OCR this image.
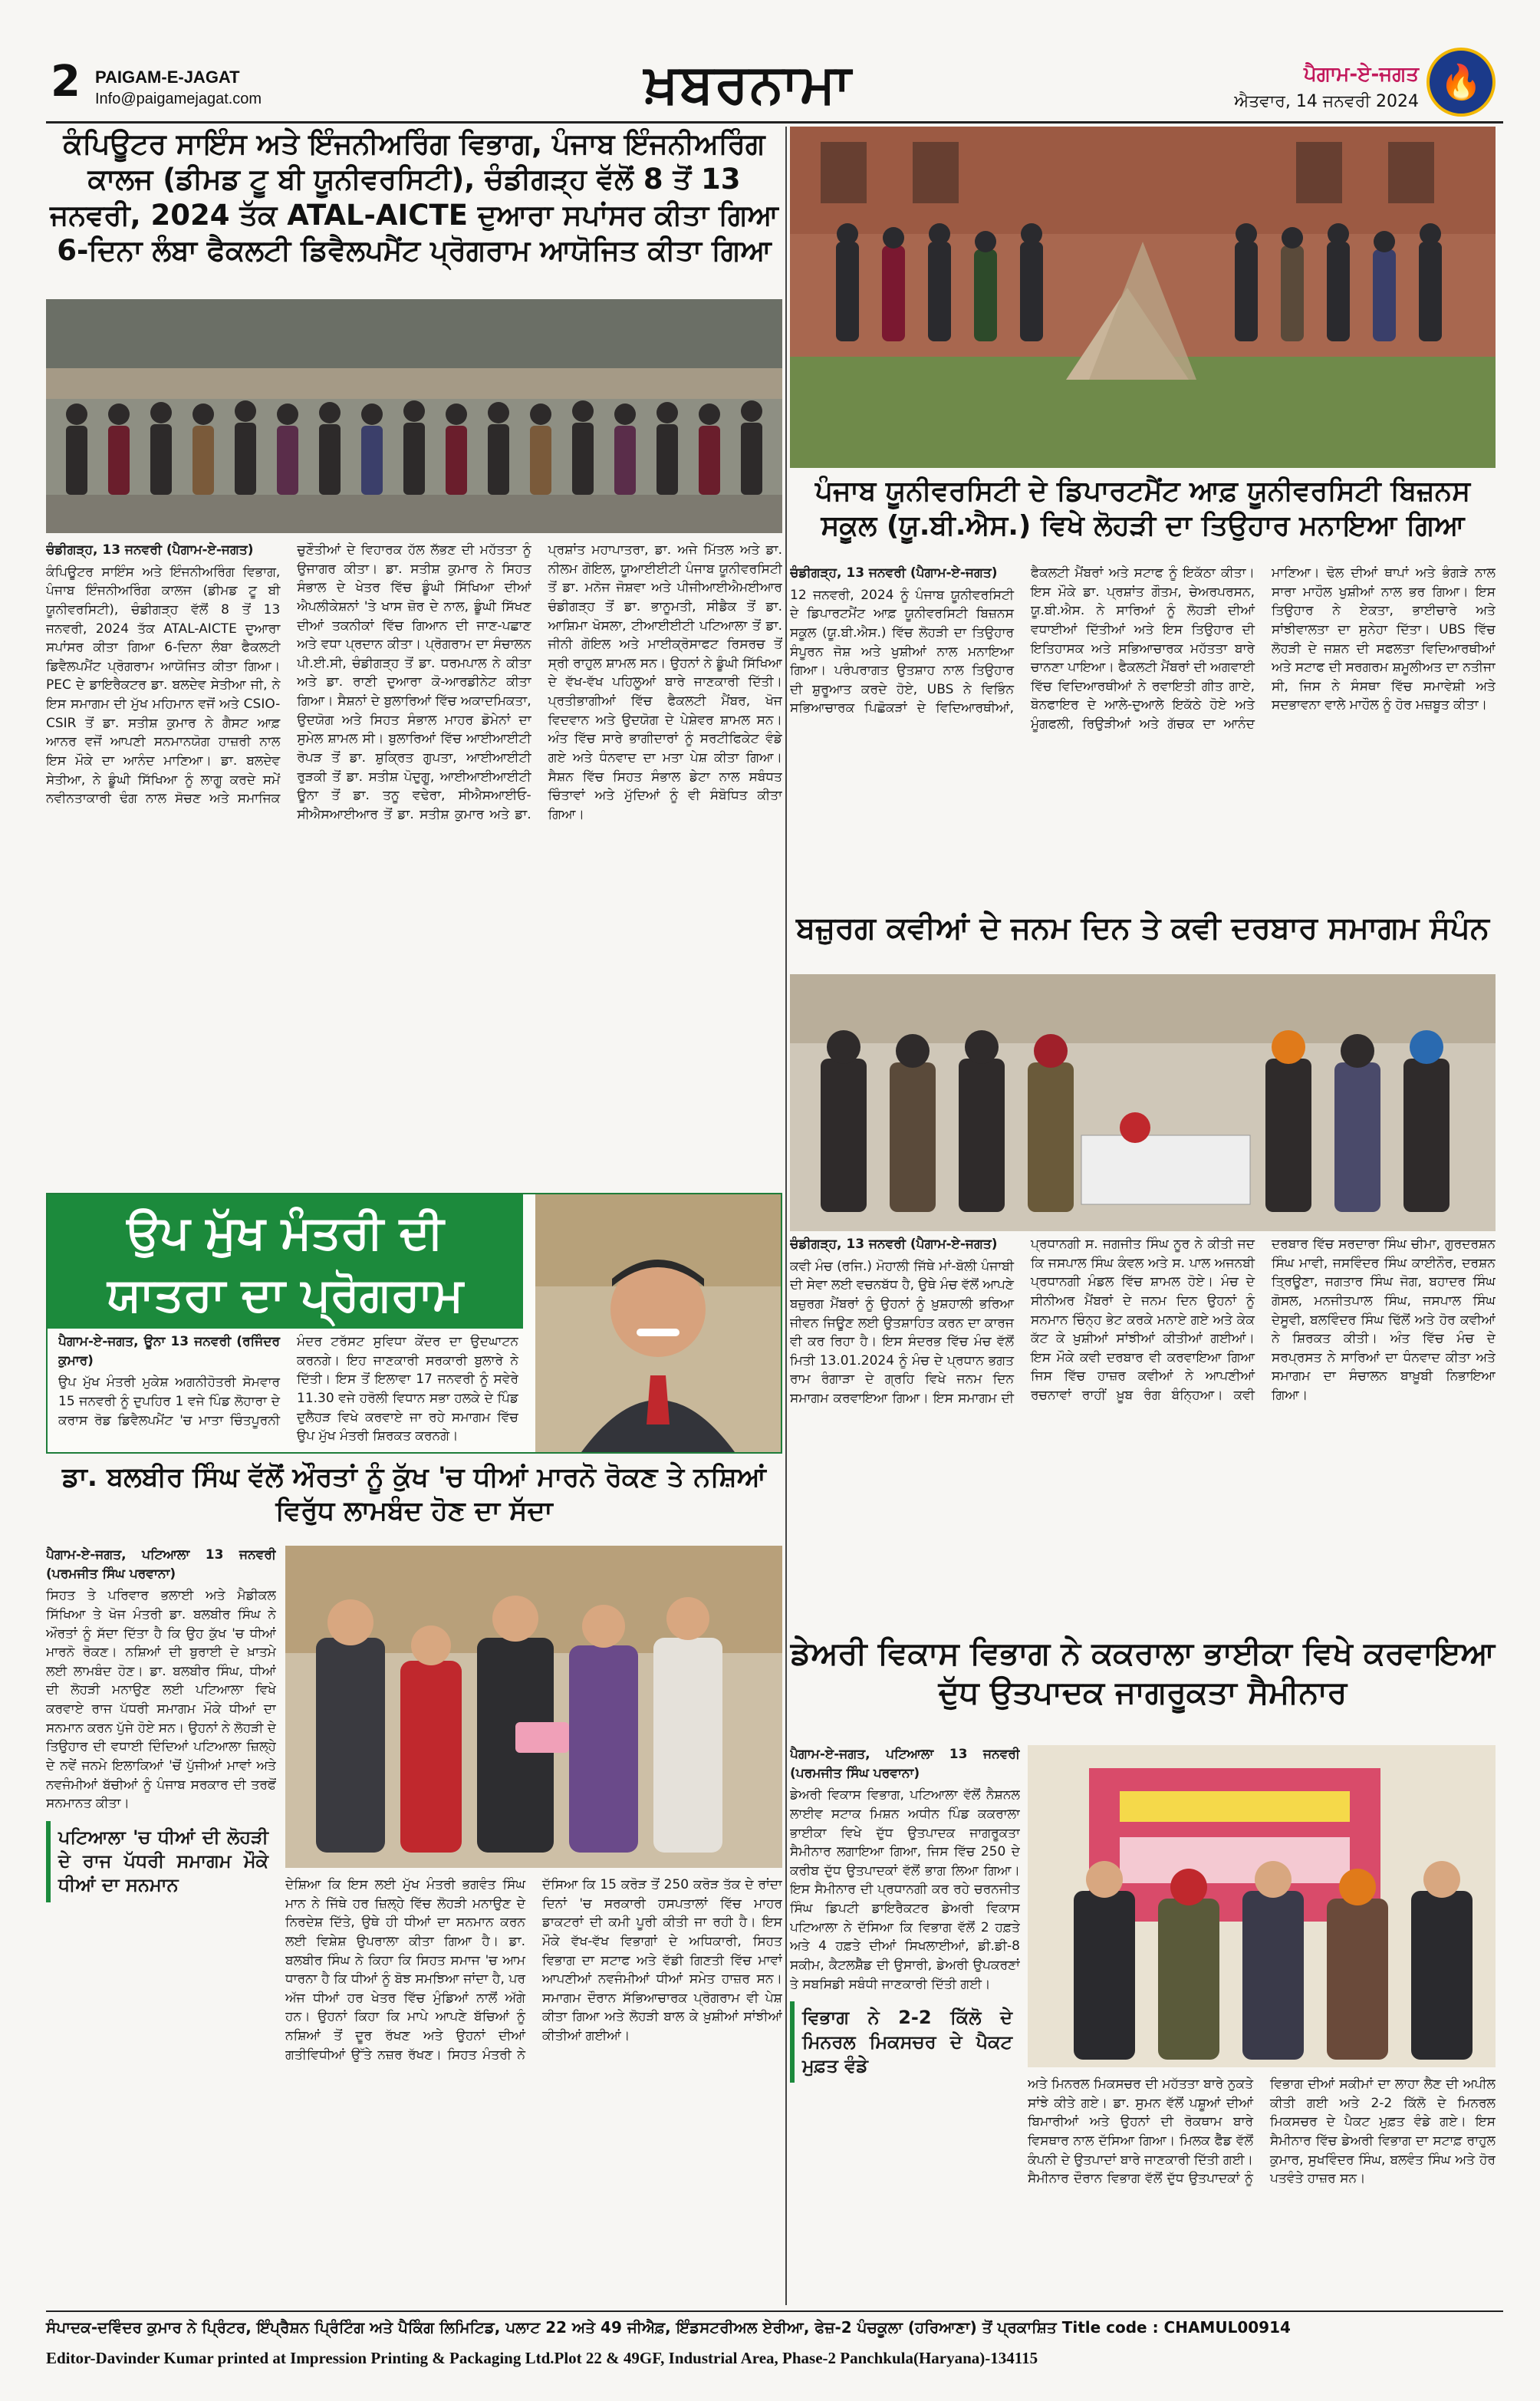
2 PAIGAM-E-JAGAT
Info@paigamejagat.com	ਖ਼ਬਰਨਾਮਾ	ਪੈਗਾਮ-ਏ-ਜਗਤ
ਐਤਵਾਰ, 14 ਜਨਵਰੀ 2024 🔥
ਕੰਪਿਊਟਰ ਸਾਇੰਸ ਅਤੇ ਇੰਜਨੀਅਰਿੰਗ ਵਿਭਾਗ, ਪੰਜਾਬ ਇੰਜਨੀਅਰਿੰਗ ਕਾਲਜ (ਡੀਮਡ ਟੂ ਬੀ ਯੂਨੀਵਰਸਿਟੀ), ਚੰਡੀਗੜ੍ਹ ਵੱਲੋਂ 8 ਤੋਂ 13 ਜਨਵਰੀ, 2024 ਤੱਕ ATAL-AICTE ਦੁਆਰਾ ਸਪਾਂਸਰ ਕੀਤਾ ਗਿਆ 6-ਦਿਨਾ ਲੰਬਾ ਫੈਕਲਟੀ ਡਿਵੈਲਪਮੈਂਟ ਪ੍ਰੋਗਰਾਮ ਆਯੋਜਿਤ ਕੀਤਾ ਗਿਆ
ਚੰਡੀਗੜ੍ਹ, 13 ਜਨਵਰੀ (ਪੈਗਾਮ-ਏ-ਜਗਤ)
ਕੰਪਿਊਟਰ ਸਾਇੰਸ ਅਤੇ ਇੰਜਨੀਅਰਿੰਗ ਵਿਭਾਗ, ਪੰਜਾਬ ਇੰਜਨੀਅਰਿੰਗ ਕਾਲਜ (ਡੀਮਡ ਟੂ ਬੀ ਯੂਨੀਵਰਸਿਟੀ), ਚੰਡੀਗੜ੍ਹ ਵੱਲੋਂ 8 ਤੋਂ 13 ਜਨਵਰੀ, 2024 ਤੱਕ ATAL-AICTE ਦੁਆਰਾ ਸਪਾਂਸਰ ਕੀਤਾ ਗਿਆ 6-ਦਿਨਾ ਲੰਬਾ ਫੈਕਲਟੀ ਡਿਵੈਲਪਮੈਂਟ ਪ੍ਰੋਗਰਾਮ ਆਯੋਜਿਤ ਕੀਤਾ ਗਿਆ। PEC ਦੇ ਡਾਇਰੈਕਟਰ ਡਾ. ਬਲਦੇਵ ਸੇਤੀਆ ਜੀ, ਨੇ ਇਸ ਸਮਾਗਮ ਦੀ ਮੁੱਖ ਮਹਿਮਾਨ ਵਜੋਂ ਅਤੇ CSIO-CSIR ਤੋਂ ਡਾ. ਸਤੀਸ਼ ਕੁਮਾਰ ਨੇ ਗੈਸਟ ਆਫ਼ ਆਨਰ ਵਜੋਂ ਆਪਣੀ ਸਨਮਾਨਯੋਗ ਹਾਜ਼ਰੀ ਨਾਲ ਇਸ ਮੌਕੇ ਦਾ ਆਨੰਦ ਮਾਣਿਆ। ਡਾ. ਬਲਦੇਵ ਸੇਤੀਆ, ਨੇ ਡੂੰਘੀ ਸਿੱਖਿਆ ਨੂੰ ਲਾਗੂ ਕਰਦੇ ਸਮੇਂ ਨਵੀਨਤਾਕਾਰੀ ਢੰਗ ਨਾਲ ਸੋਚਣ ਅਤੇ ਸਮਾਜਿਕ ਚੁਣੌਤੀਆਂ ਦੇ ਵਿਹਾਰਕ ਹੱਲ ਲੱਭਣ ਦੀ ਮਹੱਤਤਾ ਨੂੰ ਉਜਾਗਰ ਕੀਤਾ। ਡਾ. ਸਤੀਸ਼ ਕੁਮਾਰ ਨੇ ਸਿਹਤ ਸੰਭਾਲ ਦੇ ਖੇਤਰ ਵਿੱਚ ਡੂੰਘੀ ਸਿੱਖਿਆ ਦੀਆਂ ਐਪਲੀਕੇਸ਼ਨਾਂ 'ਤੇ ਖਾਸ ਜ਼ੋਰ ਦੇ ਨਾਲ, ਡੂੰਘੀ ਸਿੱਖਣ ਦੀਆਂ ਤਕਨੀਕਾਂ ਵਿੱਚ ਗਿਆਨ ਦੀ ਜਾਣ-ਪਛਾਣ ਅਤੇ ਵਧਾ ਪ੍ਰਦਾਨ ਕੀਤਾ। ਪ੍ਰੋਗਰਾਮ ਦਾ ਸੰਚਾਲਨ ਪੀ.ਈ.ਸੀ, ਚੰਡੀਗੜ੍ਹ ਤੋਂ ਡਾ. ਧਰਮਪਾਲ ਨੇ ਕੀਤਾ ਅਤੇ ਡਾ. ਰਾਣੀ ਦੁਆਰਾ ਕੋ-ਆਰਡੀਨੇਟ ਕੀਤਾ ਗਿਆ। ਸੈਸ਼ਨਾਂ ਦੇ ਬੁਲਾਰਿਆਂ ਵਿੱਚ ਅਕਾਦਮਿਕਤਾ, ਉਦਯੋਗ ਅਤੇ ਸਿਹਤ ਸੰਭਾਲ ਮਾਹਰ ਡੋਮੇਨਾਂ ਦਾ ਸੁਮੇਲ ਸ਼ਾਮਲ ਸੀ। ਬੁਲਾਰਿਆਂ ਵਿੱਚ ਆਈਆਈਟੀ ਰੋਪੜ ਤੋਂ ਡਾ. ਸ਼ੁਕ੍ਰਿਤ ਗੁਪਤਾ, ਆਈਆਈਟੀ ਰੁੜਕੀ ਤੋਂ ਡਾ. ਸਤੀਸ਼ ਪੋਦੁਗੂ, ਆਈਆਈਆਈਟੀ ਊਨਾ ਤੋਂ ਡਾ. ਤਨੂ ਵਢੇਰਾ, ਸੀਐਸਆਈਓ-ਸੀਐਸਆਈਆਰ ਤੋਂ ਡਾ. ਸਤੀਸ਼ ਕੁਮਾਰ ਅਤੇ ਡਾ. ਪ੍ਰਸ਼ਾਂਤ ਮਹਾਪਾਤਰਾ, ਡਾ. ਅਜੇ ਮਿੱਤਲ ਅਤੇ ਡਾ. ਨੀਲਮ ਗੋਇਲ, ਯੂਆਈਈਟੀ ਪੰਜਾਬ ਯੂਨੀਵਰਸਿਟੀ ਤੋਂ ਡਾ. ਮਨੋਜ ਜੋਸ਼ਵਾ ਅਤੇ ਪੀਜੀਆਈਐਮਈਆਰ ਚੰਡੀਗੜ੍ਹ ਤੋਂ ਡਾ. ਭਾਨੂਮਤੀ, ਸੀਡੈਕ ਤੋਂ ਡਾ. ਆਸ਼ਿਮਾ ਖੋਸਲਾ, ਟੀਆਈਈਟੀ ਪਟਿਆਲਾ ਤੋਂ ਡਾ. ਜੀਨੀ ਗੋਇਲ ਅਤੇ ਮਾਈਕ੍ਰੋਸਾਫਟ ਰਿਸਰਚ ਤੋਂ ਸ੍ਰੀ ਰਾਹੁਲ ਸ਼ਾਮਲ ਸਨ। ਉਹਨਾਂ ਨੇ ਡੂੰਘੀ ਸਿੱਖਿਆ ਦੇ ਵੱਖ-ਵੱਖ ਪਹਿਲੂਆਂ ਬਾਰੇ ਜਾਣਕਾਰੀ ਦਿੱਤੀ। ਪ੍ਰਤੀਭਾਗੀਆਂ ਵਿੱਚ ਫੈਕਲਟੀ ਮੈਂਬਰ, ਖੋਜ ਵਿਦਵਾਨ ਅਤੇ ਉਦਯੋਗ ਦੇ ਪੇਸ਼ੇਵਰ ਸ਼ਾਮਲ ਸਨ। ਅੰਤ ਵਿੱਚ ਸਾਰੇ ਭਾਗੀਦਾਰਾਂ ਨੂੰ ਸਰਟੀਫਿਕੇਟ ਵੰਡੇ ਗਏ ਅਤੇ ਧੰਨਵਾਦ ਦਾ ਮਤਾ ਪੇਸ਼ ਕੀਤਾ ਗਿਆ। ਸੈਸ਼ਨ ਵਿੱਚ ਸਿਹਤ ਸੰਭਾਲ ਡੇਟਾ ਨਾਲ ਸਬੰਧਤ ਚਿੰਤਾਵਾਂ ਅਤੇ ਮੁੱਦਿਆਂ ਨੂੰ ਵੀ ਸੰਬੋਧਿਤ ਕੀਤਾ ਗਿਆ।
ਪੰਜਾਬ ਯੂਨੀਵਰਸਿਟੀ ਦੇ ਡਿਪਾਰਟਮੈਂਟ ਆਫ਼ ਯੂਨੀਵਰਸਿਟੀ ਬਿਜ਼ਨਸ ਸਕੂਲ (ਯੂ.ਬੀ.ਐਸ.) ਵਿਖੇ ਲੋਹੜੀ ਦਾ ਤਿਉਹਾਰ ਮਨਾਇਆ ਗਿਆ
ਚੰਡੀਗੜ੍ਹ, 13 ਜਨਵਰੀ (ਪੈਗਾਮ-ਏ-ਜਗਤ)
12 ਜਨਵਰੀ, 2024 ਨੂੰ ਪੰਜਾਬ ਯੂਨੀਵਰਸਿਟੀ ਦੇ ਡਿਪਾਰਟਮੈਂਟ ਆਫ਼ ਯੂਨੀਵਰਸਿਟੀ ਬਿਜ਼ਨਸ ਸਕੂਲ (ਯੂ.ਬੀ.ਐਸ.) ਵਿੱਚ ਲੋਹੜੀ ਦਾ ਤਿਉਹਾਰ ਸੰਪੂਰਨ ਜੋਸ਼ ਅਤੇ ਖੁਸ਼ੀਆਂ ਨਾਲ ਮਨਾਇਆ ਗਿਆ। ਪਰੰਪਰਾਗਤ ਉਤਸ਼ਾਹ ਨਾਲ ਤਿਉਹਾਰ ਦੀ ਸ਼ੁਰੂਆਤ ਕਰਦੇ ਹੋਏ, UBS ਨੇ ਵਿਭਿੰਨ ਸਭਿਆਚਾਰਕ ਪਿਛੋਕੜਾਂ ਦੇ ਵਿਦਿਆਰਥੀਆਂ, ਫੈਕਲਟੀ ਮੈਂਬਰਾਂ ਅਤੇ ਸਟਾਫ ਨੂੰ ਇਕੱਠਾ ਕੀਤਾ। ਇਸ ਮੌਕੇ ਡਾ. ਪ੍ਰਸ਼ਾਂਤ ਗੌਤਮ, ਚੇਅਰਪਰਸਨ, ਯੂ.ਬੀ.ਐਸ. ਨੇ ਸਾਰਿਆਂ ਨੂੰ ਲੋਹੜੀ ਦੀਆਂ ਵਧਾਈਆਂ ਦਿੱਤੀਆਂ ਅਤੇ ਇਸ ਤਿਉਹਾਰ ਦੀ ਇਤਿਹਾਸਕ ਅਤੇ ਸਭਿਆਚਾਰਕ ਮਹੱਤਤਾ ਬਾਰੇ ਚਾਨਣਾ ਪਾਇਆ। ਫੈਕਲਟੀ ਮੈਂਬਰਾਂ ਦੀ ਅਗਵਾਈ ਵਿੱਚ ਵਿਦਿਆਰਥੀਆਂ ਨੇ ਰਵਾਇਤੀ ਗੀਤ ਗਾਏ, ਬੋਨਫਾਇਰ ਦੇ ਆਲੇ-ਦੁਆਲੇ ਇਕੱਠੇ ਹੋਏ ਅਤੇ ਮੂੰਗਫਲੀ, ਰਿਉੜੀਆਂ ਅਤੇ ਗੱਚਕ ਦਾ ਆਨੰਦ ਮਾਣਿਆ। ਢੋਲ ਦੀਆਂ ਥਾਪਾਂ ਅਤੇ ਭੰਗੜੇ ਨਾਲ ਸਾਰਾ ਮਾਹੌਲ ਖੁਸ਼ੀਆਂ ਨਾਲ ਭਰ ਗਿਆ। ਇਸ ਤਿਉਹਾਰ ਨੇ ਏਕਤਾ, ਭਾਈਚਾਰੇ ਅਤੇ ਸਾਂਝੀਵਾਲਤਾ ਦਾ ਸੁਨੇਹਾ ਦਿੱਤਾ। UBS ਵਿੱਚ ਲੋਹੜੀ ਦੇ ਜਸ਼ਨ ਦੀ ਸਫਲਤਾ ਵਿਦਿਆਰਥੀਆਂ ਅਤੇ ਸਟਾਫ ਦੀ ਸਰਗਰਮ ਸ਼ਮੂਲੀਅਤ ਦਾ ਨਤੀਜਾ ਸੀ, ਜਿਸ ਨੇ ਸੰਸਥਾ ਵਿੱਚ ਸਮਾਵੇਸ਼ੀ ਅਤੇ ਸਦਭਾਵਨਾ ਵਾਲੇ ਮਾਹੌਲ ਨੂੰ ਹੋਰ ਮਜ਼ਬੂਤ ਕੀਤਾ।
ਬਜ਼ੁਰਗ ਕਵੀਆਂ ਦੇ ਜਨਮ ਦਿਨ ਤੇ ਕਵੀ ਦਰਬਾਰ ਸਮਾਗਮ ਸੰਪੰਨ
ਚੰਡੀਗੜ੍ਹ, 13 ਜਨਵਰੀ (ਪੈਗਾਮ-ਏ-ਜਗਤ)
ਕਵੀ ਮੰਚ (ਰਜਿ.) ਮੋਹਾਲੀ ਜਿੱਥੇ ਮਾਂ-ਬੋਲੀ ਪੰਜਾਬੀ ਦੀ ਸੇਵਾ ਲਈ ਵਚਨਬੱਧ ਹੈ, ਉਥੇ ਮੰਚ ਵੱਲੋਂ ਆਪਣੇ ਬਜ਼ੁਰਗ ਮੈਂਬਰਾਂ ਨੂੰ ਉਹਨਾਂ ਨੂੰ ਖ਼ੁਸ਼ਹਾਲੀ ਭਰਿਆ ਜੀਵਨ ਜਿਊਣ ਲਈ ਉਤਸ਼ਾਹਿਤ ਕਰਨ ਦਾ ਕਾਰਜ ਵੀ ਕਰ ਰਿਹਾ ਹੈ। ਇਸ ਸੰਦਰਭ ਵਿੱਚ ਮੰਚ ਵੱਲੋਂ ਮਿਤੀ 13.01.2024 ਨੂੰ ਮੰਚ ਦੇ ਪ੍ਰਧਾਨ ਭਗਤ ਰਾਮ ਰੰਗਾੜਾ ਦੇ ਗ੍ਰਹਿ ਵਿਖੇ ਜਨਮ ਦਿਨ ਸਮਾਗਮ ਕਰਵਾਇਆ ਗਿਆ। ਇਸ ਸਮਾਗਮ ਦੀ ਪ੍ਰਧਾਨਗੀ ਸ. ਜਗਜੀਤ ਸਿੰਘ ਨੂਰ ਨੇ ਕੀਤੀ ਜਦ ਕਿ ਜਸਪਾਲ ਸਿੰਘ ਕੰਵਲ ਅਤੇ ਸ. ਪਾਲ ਅਜਨਬੀ ਪ੍ਰਧਾਨਗੀ ਮੰਡਲ ਵਿੱਚ ਸ਼ਾਮਲ ਹੋਏ। ਮੰਚ ਦੇ ਸੀਨੀਅਰ ਮੈਂਬਰਾਂ ਦੇ ਜਨਮ ਦਿਨ ਉਹਨਾਂ ਨੂੰ ਸਨਮਾਨ ਚਿੰਨ੍ਹ ਭੇਟ ਕਰਕੇ ਮਨਾਏ ਗਏ ਅਤੇ ਕੇਕ ਕੱਟ ਕੇ ਖ਼ੁਸ਼ੀਆਂ ਸਾਂਝੀਆਂ ਕੀਤੀਆਂ ਗਈਆਂ। ਇਸ ਮੌਕੇ ਕਵੀ ਦਰਬਾਰ ਵੀ ਕਰਵਾਇਆ ਗਿਆ ਜਿਸ ਵਿੱਚ ਹਾਜ਼ਰ ਕਵੀਆਂ ਨੇ ਆਪਣੀਆਂ ਰਚਨਾਵਾਂ ਰਾਹੀਂ ਖ਼ੂਬ ਰੰਗ ਬੰਨ੍ਹਿਆ। ਕਵੀ ਦਰਬਾਰ ਵਿੱਚ ਸਰਦਾਰਾ ਸਿੰਘ ਚੀਮਾ, ਗੁਰਦਰਸ਼ਨ ਸਿੰਘ ਮਾਵੀ, ਜਸਵਿੰਦਰ ਸਿੰਘ ਕਾਈਨੌਰ, ਦਰਸ਼ਨ ਤ੍ਰਿਊਣਾ, ਜਗਤਾਰ ਸਿੰਘ ਜੋਗ, ਬਹਾਦਰ ਸਿੰਘ ਗੋਸਲ, ਮਨਜੀਤਪਾਲ ਸਿੰਘ, ਜਸਪਾਲ ਸਿੰਘ ਦੇਸੂਵੀ, ਬਲਵਿੰਦਰ ਸਿੰਘ ਢਿੱਲੋਂ ਅਤੇ ਹੋਰ ਕਵੀਆਂ ਨੇ ਸ਼ਿਰਕਤ ਕੀਤੀ। ਅੰਤ ਵਿੱਚ ਮੰਚ ਦੇ ਸਰਪ੍ਰਸਤ ਨੇ ਸਾਰਿਆਂ ਦਾ ਧੰਨਵਾਦ ਕੀਤਾ ਅਤੇ ਸਮਾਗਮ ਦਾ ਸੰਚਾਲਨ ਬਾਖ਼ੂਬੀ ਨਿਭਾਇਆ ਗਿਆ।
ਉਪ ਮੁੱਖ ਮੰਤਰੀ ਦੀ ਯਾਤਰਾ ਦਾ ਪ੍ਰੋਗਰਾਮ
ਪੈਗਾਮ-ਏ-ਜਗਤ, ਊਨਾ 13 ਜਨਵਰੀ (ਰਜਿੰਦਰ ਕੁਮਾਰ)
ਉਪ ਮੁੱਖ ਮੰਤਰੀ ਮੁਕੇਸ਼ ਅਗਨੀਹੋਤਰੀ ਸੋਮਵਾਰ 15 ਜਨਵਰੀ ਨੂੰ ਦੁਪਹਿਰ 1 ਵਜੇ ਪਿੰਡ ਲੋਹਾਰਾ ਦੇ ਕਰਾਸ ਰੋਡ ਡਿਵੈਲਪਮੈਂਟ 'ਚ ਮਾਤਾ ਚਿੰਤਪੂਰਨੀ ਮੰਦਰ ਟਰੱਸਟ ਸੁਵਿਧਾ ਕੇਂਦਰ ਦਾ ਉਦਘਾਟਨ ਕਰਨਗੇ। ਇਹ ਜਾਣਕਾਰੀ ਸਰਕਾਰੀ ਬੁਲਾਰੇ ਨੇ ਦਿੱਤੀ। ਇਸ ਤੋਂ ਇਲਾਵਾ 17 ਜਨਵਰੀ ਨੂੰ ਸਵੇਰੇ 11.30 ਵਜੇ ਹਰੋਲੀ ਵਿਧਾਨ ਸਭਾ ਹਲਕੇ ਦੇ ਪਿੰਡ ਦੁਲੈਹੜ ਵਿਖੇ ਕਰਵਾਏ ਜਾ ਰਹੇ ਸਮਾਗਮ ਵਿੱਚ ਉਪ ਮੁੱਖ ਮੰਤਰੀ ਸ਼ਿਰਕਤ ਕਰਨਗੇ।
ਡਾ. ਬਲਬੀਰ ਸਿੰਘ ਵੱਲੋਂ ਔਰਤਾਂ ਨੂੰ ਕੁੱਖ 'ਚ ਧੀਆਂ ਮਾਰਨੋ ਰੋਕਣ ਤੇ ਨਸ਼ਿਆਂ ਵਿਰੁੱਧ ਲਾਮਬੰਦ ਹੋਣ ਦਾ ਸੱਦਾ
ਪੈਗਾਮ-ਏ-ਜਗਤ, ਪਟਿਆਲਾ 13 ਜਨਵਰੀ (ਪਰਮਜੀਤ ਸਿੰਘ ਪਰਵਾਨਾ)
ਸਿਹਤ ਤੇ ਪਰਿਵਾਰ ਭਲਾਈ ਅਤੇ ਮੈਡੀਕਲ ਸਿੱਖਿਆ ਤੇ ਖੋਜ ਮੰਤਰੀ ਡਾ. ਬਲਬੀਰ ਸਿੰਘ ਨੇ ਔਰਤਾਂ ਨੂੰ ਸੱਦਾ ਦਿੱਤਾ ਹੈ ਕਿ ਉਹ ਕੁੱਖ 'ਚ ਧੀਆਂ ਮਾਰਨੋ ਰੋਕਣ। ਨਸ਼ਿਆਂ ਦੀ ਬੁਰਾਈ ਦੇ ਖ਼ਾਤਮੇ ਲਈ ਲਾਮਬੰਦ ਹੋਣ। ਡਾ. ਬਲਬੀਰ ਸਿੰਘ, ਧੀਆਂ ਦੀ ਲੋਹੜੀ ਮਨਾਉਣ ਲਈ ਪਟਿਆਲਾ ਵਿਖੇ ਕਰਵਾਏ ਰਾਜ ਪੱਧਰੀ ਸਮਾਗਮ ਮੌਕੇ ਧੀਆਂ ਦਾ ਸਨਮਾਨ ਕਰਨ ਪੁੱਜੇ ਹੋਏ ਸਨ। ਉਹਨਾਂ ਨੇ ਲੋਹੜੀ ਦੇ ਤਿਉਹਾਰ ਦੀ ਵਧਾਈ ਦਿੰਦਿਆਂ ਪਟਿਆਲਾ ਜ਼ਿਲ੍ਹੇ ਦੇ ਨਵੇਂ ਜਨਮੇ ਇਲਾਕਿਆਂ 'ਚੋਂ ਪੁੱਜੀਆਂ ਮਾਵਾਂ ਅਤੇ ਨਵਜੰਮੀਆਂ ਬੱਚੀਆਂ ਨੂੰ ਪੰਜਾਬ ਸਰਕਾਰ ਦੀ ਤਰਫੋਂ ਸਨਮਾਨਤ ਕੀਤਾ।
ਪਟਿਆਲਾ 'ਚ ਧੀਆਂ ਦੀ ਲੋਹੜੀ ਦੇ ਰਾਜ ਪੱਧਰੀ ਸਮਾਗਮ ਮੌਕੇ ਧੀਆਂ ਦਾ ਸਨਮਾਨ	ਦੇਸ਼ਿਆ ਕਿ ਇਸ ਲਈ ਮੁੱਖ ਮੰਤਰੀ ਭਗਵੰਤ ਸਿੰਘ ਮਾਨ ਨੇ ਜਿੱਥੇ ਹਰ ਜ਼ਿਲ੍ਹੇ ਵਿੱਚ ਲੋਹੜੀ ਮਨਾਉਣ ਦੇ ਨਿਰਦੇਸ਼ ਦਿੱਤੇ, ਉਥੇ ਹੀ ਧੀਆਂ ਦਾ ਸਨਮਾਨ ਕਰਨ ਲਈ ਵਿਸ਼ੇਸ਼ ਉਪਰਾਲਾ ਕੀਤਾ ਗਿਆ ਹੈ। ਡਾ. ਬਲਬੀਰ ਸਿੰਘ ਨੇ ਕਿਹਾ ਕਿ ਸਿਹਤ ਸਮਾਜ 'ਚ ਆਮ ਧਾਰਨਾ ਹੈ ਕਿ ਧੀਆਂ ਨੂੰ ਬੋਝ ਸਮਝਿਆ ਜਾਂਦਾ ਹੈ, ਪਰ ਅੱਜ ਧੀਆਂ ਹਰ ਖੇਤਰ ਵਿੱਚ ਮੁੰਡਿਆਂ ਨਾਲੋਂ ਅੱਗੇ ਹਨ। ਉਹਨਾਂ ਕਿਹਾ ਕਿ ਮਾਪੇ ਆਪਣੇ ਬੱਚਿਆਂ ਨੂੰ ਨਸ਼ਿਆਂ ਤੋਂ ਦੂਰ ਰੱਖਣ ਅਤੇ ਉਹਨਾਂ ਦੀਆਂ ਗਤੀਵਿਧੀਆਂ ਉੱਤੇ ਨਜ਼ਰ ਰੱਖਣ। ਸਿਹਤ ਮੰਤਰੀ ਨੇ ਦੱਸਿਆ ਕਿ 15 ਕਰੋੜ ਤੋਂ 250 ਕਰੋੜ ਤੱਕ ਦੇ ਰਾਂਦਾ ਦਿਨਾਂ 'ਚ ਸਰਕਾਰੀ ਹਸਪਤਾਲਾਂ ਵਿੱਚ ਮਾਹਰ ਡਾਕਟਰਾਂ ਦੀ ਕਮੀ ਪੂਰੀ ਕੀਤੀ ਜਾ ਰਹੀ ਹੈ। ਇਸ ਮੌਕੇ ਵੱਖ-ਵੱਖ ਵਿਭਾਗਾਂ ਦੇ ਅਧਿਕਾਰੀ, ਸਿਹਤ ਵਿਭਾਗ ਦਾ ਸਟਾਫ ਅਤੇ ਵੱਡੀ ਗਿਣਤੀ ਵਿੱਚ ਮਾਵਾਂ ਆਪਣੀਆਂ ਨਵਜੰਮੀਆਂ ਧੀਆਂ ਸਮੇਤ ਹਾਜ਼ਰ ਸਨ। ਸਮਾਗਮ ਦੌਰਾਨ ਸੱਭਿਆਚਾਰਕ ਪ੍ਰੋਗਰਾਮ ਵੀ ਪੇਸ਼ ਕੀਤਾ ਗਿਆ ਅਤੇ ਲੋਹੜੀ ਬਾਲ ਕੇ ਖ਼ੁਸ਼ੀਆਂ ਸਾਂਝੀਆਂ ਕੀਤੀਆਂ ਗਈਆਂ।
ਡੇਅਰੀ ਵਿਕਾਸ ਵਿਭਾਗ ਨੇ ਕਕਰਾਲਾ ਭਾਈਕਾ ਵਿਖੇ ਕਰਵਾਇਆ ਦੁੱਧ ਉਤਪਾਦਕ ਜਾਗਰੂਕਤਾ ਸੈਮੀਨਾਰ
ਪੈਗਾਮ-ਏ-ਜਗਤ, ਪਟਿਆਲਾ 13 ਜਨਵਰੀ (ਪਰਮਜੀਤ ਸਿੰਘ ਪਰਵਾਨਾ)
ਡੇਅਰੀ ਵਿਕਾਸ ਵਿਭਾਗ, ਪਟਿਆਲਾ ਵੱਲੋਂ ਨੈਸ਼ਨਲ ਲਾਈਵ ਸਟਾਕ ਮਿਸ਼ਨ ਅਧੀਨ ਪਿੰਡ ਕਕਰਾਲਾ ਭਾਈਕਾ ਵਿਖੇ ਦੁੱਧ ਉਤਪਾਦਕ ਜਾਗਰੂਕਤਾ ਸੈਮੀਨਾਰ ਲਗਾਇਆ ਗਿਆ, ਜਿਸ ਵਿੱਚ 250 ਦੇ ਕਰੀਬ ਦੁੱਧ ਉਤਪਾਦਕਾਂ ਵੱਲੋਂ ਭਾਗ ਲਿਆ ਗਿਆ। ਇਸ ਸੈਮੀਨਾਰ ਦੀ ਪ੍ਰਧਾਨਗੀ ਕਰ ਰਹੇ ਚਰਨਜੀਤ ਸਿੰਘ ਡਿਪਟੀ ਡਾਇਰੈਕਟਰ ਡੇਅਰੀ ਵਿਕਾਸ ਪਟਿਆਲਾ ਨੇ ਦੱਸਿਆ ਕਿ ਵਿਭਾਗ ਵੱਲੋਂ 2 ਹਫ਼ਤੇ ਅਤੇ 4 ਹਫ਼ਤੇ ਦੀਆਂ ਸਿਖਲਾਈਆਂ, ਡੀ.ਡੀ-8 ਸਕੀਮ, ਕੈਟਲਸ਼ੈੱਡ ਦੀ ਉਸਾਰੀ, ਡੇਅਰੀ ਉਪਕਰਣਾਂ ਤੇ ਸਬਸਿਡੀ ਸਬੰਧੀ ਜਾਣਕਾਰੀ ਦਿੱਤੀ ਗਈ।
ਵਿਭਾਗ ਨੇ 2-2 ਕਿੱਲੋ ਦੇ ਮਿਨਰਲ ਮਿਕਸਚਰ ਦੇ ਪੈਕਟ ਮੁਫ਼ਤ ਵੰਡੇ
ਅਤੇ ਮਿਨਰਲ ਮਿਕਸਚਰ ਦੀ ਮਹੱਤਤਾ ਬਾਰੇ ਨੁਕਤੇ ਸਾਂਝੇ ਕੀਤੇ ਗਏ। ਡਾ. ਸੁਮਨ ਵੱਲੋਂ ਪਸ਼ੂਆਂ ਦੀਆਂ ਬਿਮਾਰੀਆਂ ਅਤੇ ਉਹਨਾਂ ਦੀ ਰੋਕਥਾਮ ਬਾਰੇ ਵਿਸਥਾਰ ਨਾਲ ਦੱਸਿਆ ਗਿਆ। ਮਿਲਕ ਫੈੱਡ ਵੱਲੋਂ ਕੰਪਨੀ ਦੇ ਉਤਪਾਦਾਂ ਬਾਰੇ ਜਾਣਕਾਰੀ ਦਿੱਤੀ ਗਈ। ਸੈਮੀਨਾਰ ਦੌਰਾਨ ਵਿਭਾਗ ਵੱਲੋਂ ਦੁੱਧ ਉਤਪਾਦਕਾਂ ਨੂੰ ਵਿਭਾਗ ਦੀਆਂ ਸਕੀਮਾਂ ਦਾ ਲਾਹਾ ਲੈਣ ਦੀ ਅਪੀਲ ਕੀਤੀ ਗਈ ਅਤੇ 2-2 ਕਿੱਲੋ ਦੇ ਮਿਨਰਲ ਮਿਕਸਚਰ ਦੇ ਪੈਕਟ ਮੁਫ਼ਤ ਵੰਡੇ ਗਏ। ਇਸ ਸੈਮੀਨਾਰ ਵਿੱਚ ਡੇਅਰੀ ਵਿਭਾਗ ਦਾ ਸਟਾਫ਼ ਰਾਹੁਲ ਕੁਮਾਰ, ਸੁਖਵਿੰਦਰ ਸਿੰਘ, ਬਲਵੰਤ ਸਿੰਘ ਅਤੇ ਹੋਰ ਪਤਵੰਤੇ ਹਾਜ਼ਰ ਸਨ।
ਸੰਪਾਦਕ-ਦਵਿੰਦਰ ਕੁਮਾਰ ਨੇ ਪ੍ਰਿੰਟਰ, ਇੰਪ੍ਰੈਸ਼ਨ ਪ੍ਰਿੰਟਿੰਗ ਅਤੇ ਪੈਕਿੰਗ ਲਿਮਿਟਿਡ, ਪਲਾਟ 22 ਅਤੇ 49 ਜੀਐਫ਼, ਇੰਡਸਟਰੀਅਲ ਏਰੀਆ, ਫੇਜ਼-2 ਪੰਚਕੂਲਾ (ਹਰਿਆਣਾ) ਤੋਂ ਪ੍ਰਕਾਸ਼ਿਤ Title code : CHAMUL00914
Editor-Davinder Kumar printed at Impression Printing & Packaging Ltd.Plot 22 & 49GF, Industrial Area, Phase-2 Panchkula(Haryana)-134115
